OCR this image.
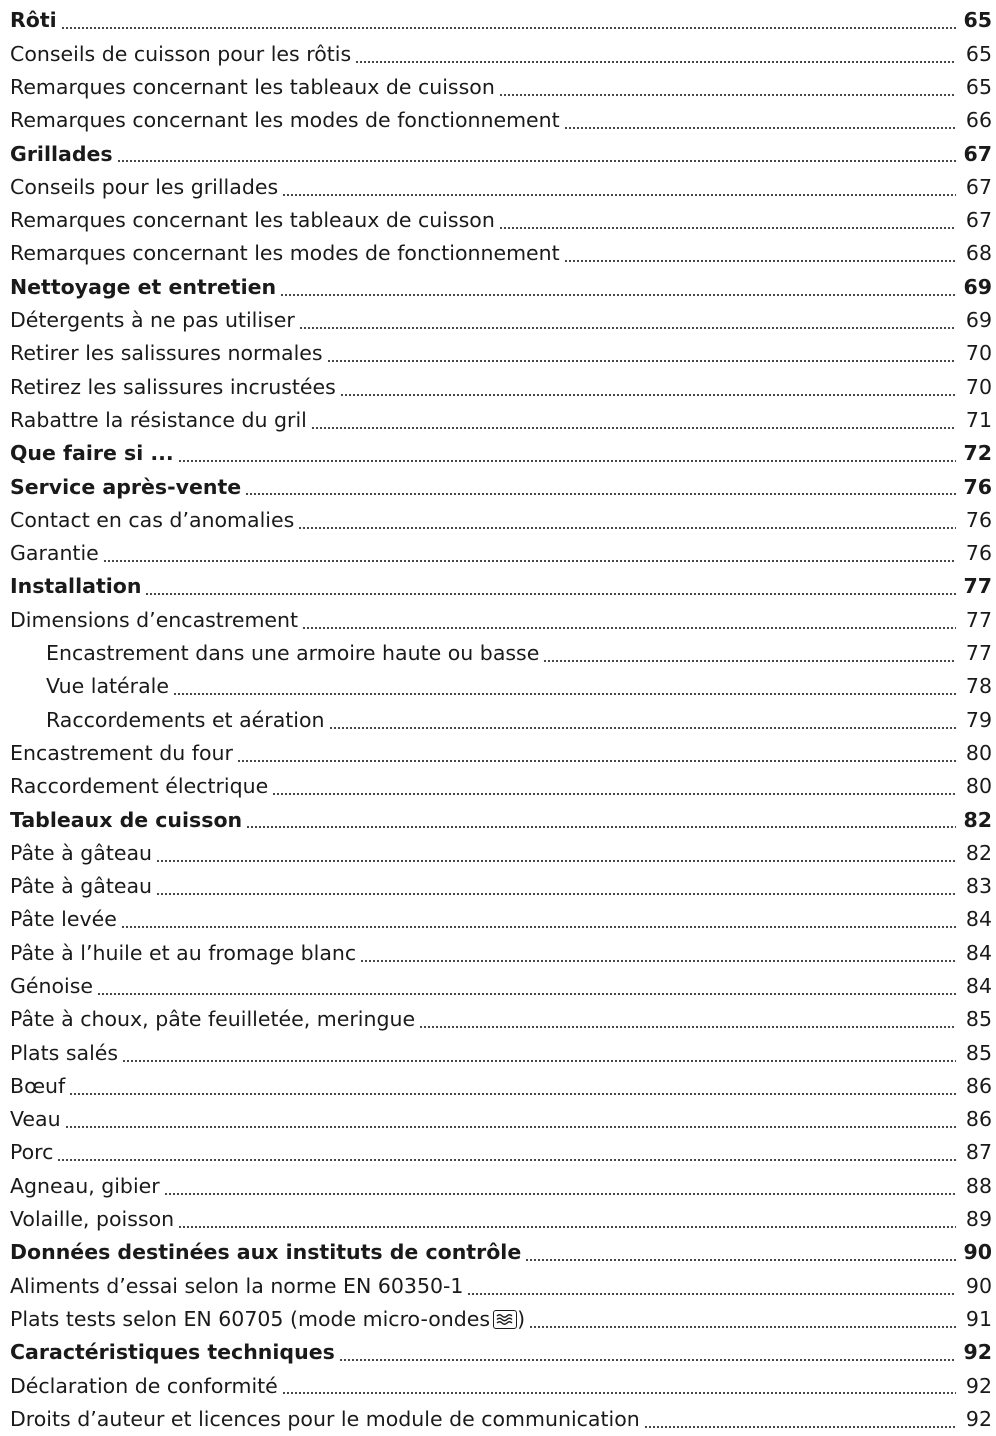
Rôti	65
Conseils de cuisson pour les rôtis	65
Remarques concernant les tableaux de cuisson	65
Remarques concernant les modes de fonctionnement	66
Grillades	67
Conseils pour les grillades	67
Remarques concernant les tableaux de cuisson	67
Remarques concernant les modes de fonctionnement	68
Nettoyage et entretien	69
Détergents à ne pas utiliser	69
Retirer les salissures normales	70
Retirez les salissures incrustées	70
Rabattre la résistance du gril	71
Que faire si ...	72
Service après-vente	76
Contact en cas d’anomalies	76
Garantie	76
Installation	77
Dimensions d’encastrement	77
Encastrement dans une armoire haute ou basse	77
Vue latérale	78
Raccordements et aération	79
Encastrement du four	80
Raccordement électrique	80
Tableaux de cuisson	82
Pâte à gâteau	82
Pâte à gâteau	83
Pâte levée	84
Pâte à l’huile et au fromage blanc	84
Génoise	84
Pâte à choux, pâte feuilletée, meringue	85
Plats salés	85
Bœuf	86
Veau	86
Porc	87
Agneau, gibier	88
Volaille, poisson	89
Données destinées aux instituts de contrôle	90
Aliments d’essai selon la norme EN 60350-1	90
Plats tests selon EN 60705 (mode micro-ondes )	91
Caractéristiques techniques	92
Déclaration de conformité	92
Droits d’auteur et licences pour le module de communication	92
